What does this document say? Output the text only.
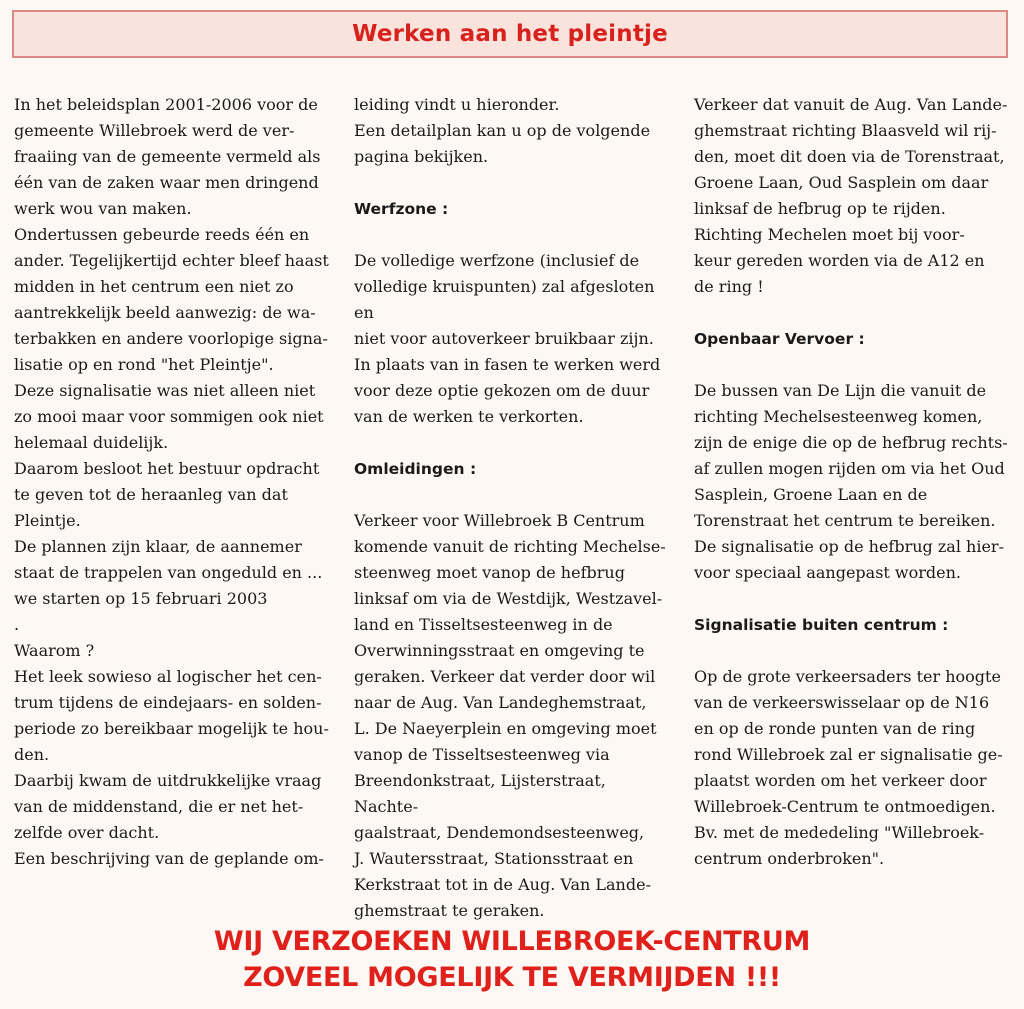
Werken aan het pleintje

In het beleidsplan 2001-2006 voor de
gemeente Willebroek werd de ver-
fraaiing van de gemeente vermeld als
één van de zaken waar men dringend
werk wou van maken.

Ondertussen gebeurde reeds één en
ander. Tegelijkertijd echter bleef haast
midden in het centrum een niet zo
aantrekkelijk beeld aanwezig: de wa-
terbakken en andere voorlopige signa-
lisatie op en rond "het Pleintje".

Deze signalisatie was niet alleen niet
zo mooi maar voor sommigen ook niet
helemaal duidelijk.

Daarom besloot het bestuur opdracht
te geven tot de heraanleg van dat
Pleintje.

De plannen zijn klaar, de aannemer
staat de trappelen van ongeduld en ...
we starten op 15 februari 2003
.

Waarom ?

Het leek sowieso al logischer het cen-
trum tijdens de eindejaars- en solden-
periode zo bereikbaar mogelijk te hou-
den.

Daarbij kwam de uitdrukkelijke vraag
van de middenstand, die er net het-
zelfde over dacht.

Een beschrijving van de geplande om-

leiding vindt u hieronder.
Een detailplan kan u op de volgende
pagina bekijken.

Werfzone :

De volledige werfzone (inclusief de
volledige kruispunten) zal afgesloten en
niet voor autoverkeer bruikbaar zijn.
In plaats van in fasen te werken werd
voor deze optie gekozen om de duur
van de werken te verkorten.

Omleidingen :

Verkeer voor Willebroek B Centrum
komende vanuit de richting Mechelse-
steenweg moet vanop de hefbrug
linksaf om via de Westdijk, Westzavel-
land en Tisseltsesteenweg in de
Overwinningsstraat en omgeving te
geraken. Verkeer dat verder door wil
naar de Aug. Van Landeghemstraat,
L. De Naeyerplein en omgeving moet
vanop de Tisseltsesteenweg via
Breendonkstraat, Lijsterstraat, Nachte-
gaalstraat, Dendemondsesteenweg,
J. Wautersstraat, Stationsstraat en
Kerkstraat tot in de Aug. Van Lande-
ghemstraat te geraken.

Verkeer dat vanuit de Aug. Van Lande-
ghemstraat richting Blaasveld wil rij-
den, moet dit doen via de Torenstraat,
Groene Laan, Oud Sasplein om daar
linksaf de hefbrug op te rijden.
Richting Mechelen moet bij voor-
keur gereden worden via de A12 en
de ring !

Openbaar Vervoer :

De bussen van De Lijn die vanuit de
richting Mechelsesteenweg komen,
zijn de enige die op de hefbrug rechts-
af zullen mogen rijden om via het Oud
Sasplein, Groene Laan en de
Torenstraat het centrum te bereiken.
De signalisatie op de hefbrug zal hier-
voor speciaal aangepast worden.

Signalisatie buiten centrum :

Op de grote verkeersaders ter hoogte
van de verkeerswisselaar op de N16
en op de ronde punten van de ring
rond Willebroek zal er signalisatie ge-
plaatst worden om het verkeer door
Willebroek-Centrum te ontmoedigen.
Bv. met de mededeling "Willebroek-
centrum onderbroken".

WIJ VERZOEKEN WILLEBROEK-CENTRUM
ZOVEEL MOGELIJK TE VERMIJDEN !!!
